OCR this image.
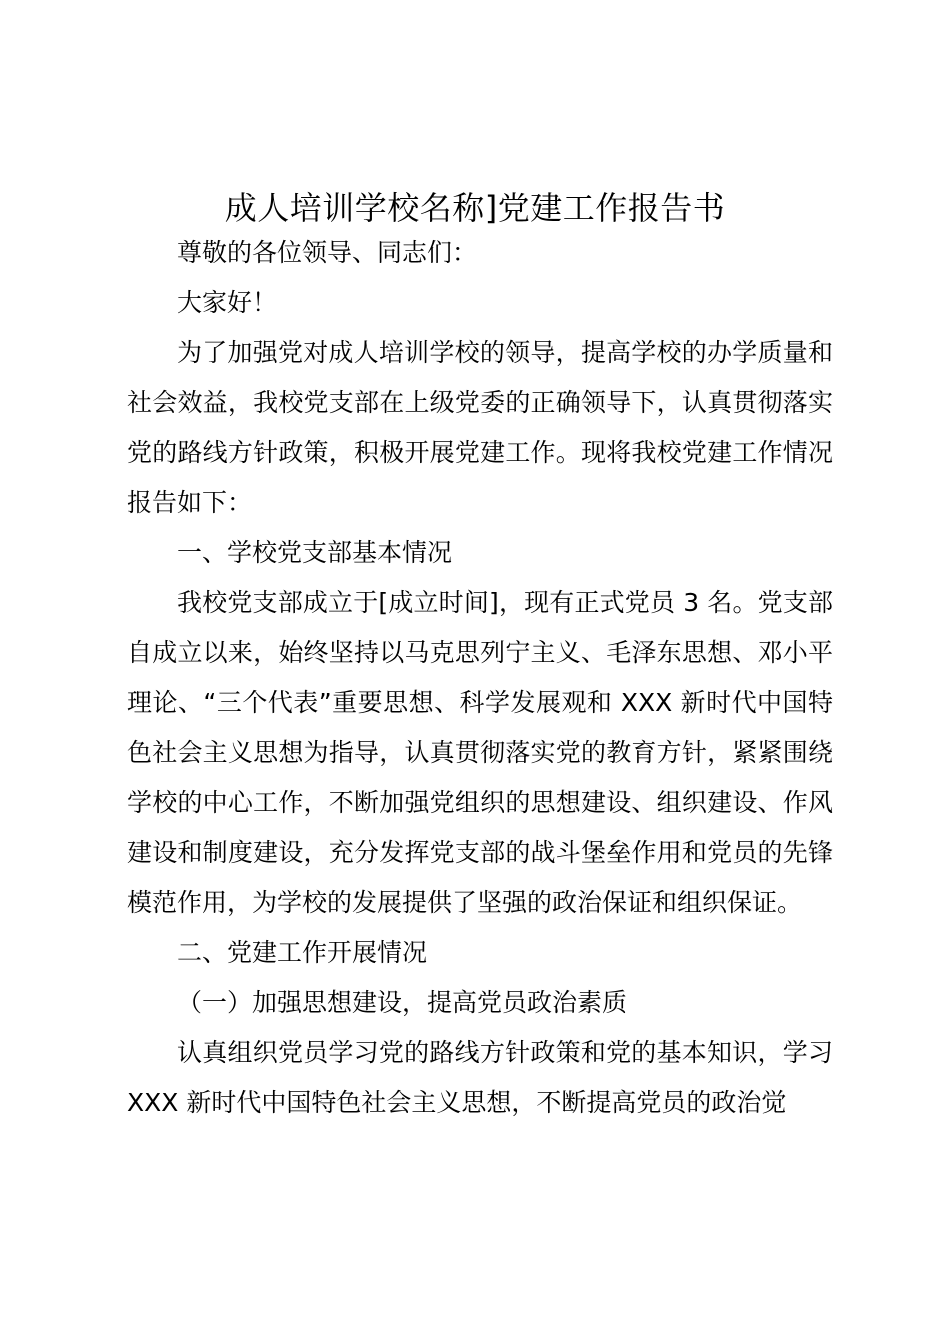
成人培训学校名称]党建工作报告书

尊敬的各位领导、同志们：

大家好！

为了加强党对成人培训学校的领导，提高学校的办学质量和社会效益，我校党支部在上级党委的正确领导下，认真贯彻落实党的路线方针政策，积极开展党建工作。现将我校党建工作情况报告如下：

一、学校党支部基本情况

我校党支部成立于[成立时间]，现有正式党员 3 名。党支部自成立以来，始终坚持以马克思列宁主义、毛泽东思想、邓小平理论、“三个代表”重要思想、科学发展观和 XXX 新时代中国特色社会主义思想为指导，认真贯彻落实党的教育方针，紧紧围绕学校的中心工作，不断加强党组织的思想建设、组织建设、作风建设和制度建设，充分发挥党支部的战斗堡垒作用和党员的先锋模范作用，为学校的发展提供了坚强的政治保证和组织保证。

二、党建工作开展情况

（一）加强思想建设，提高党员政治素质

认真组织党员学习党的路线方针政策和党的基本知识，学习 XXX 新时代中国特色社会主义思想，不断提高党员的政治觉
